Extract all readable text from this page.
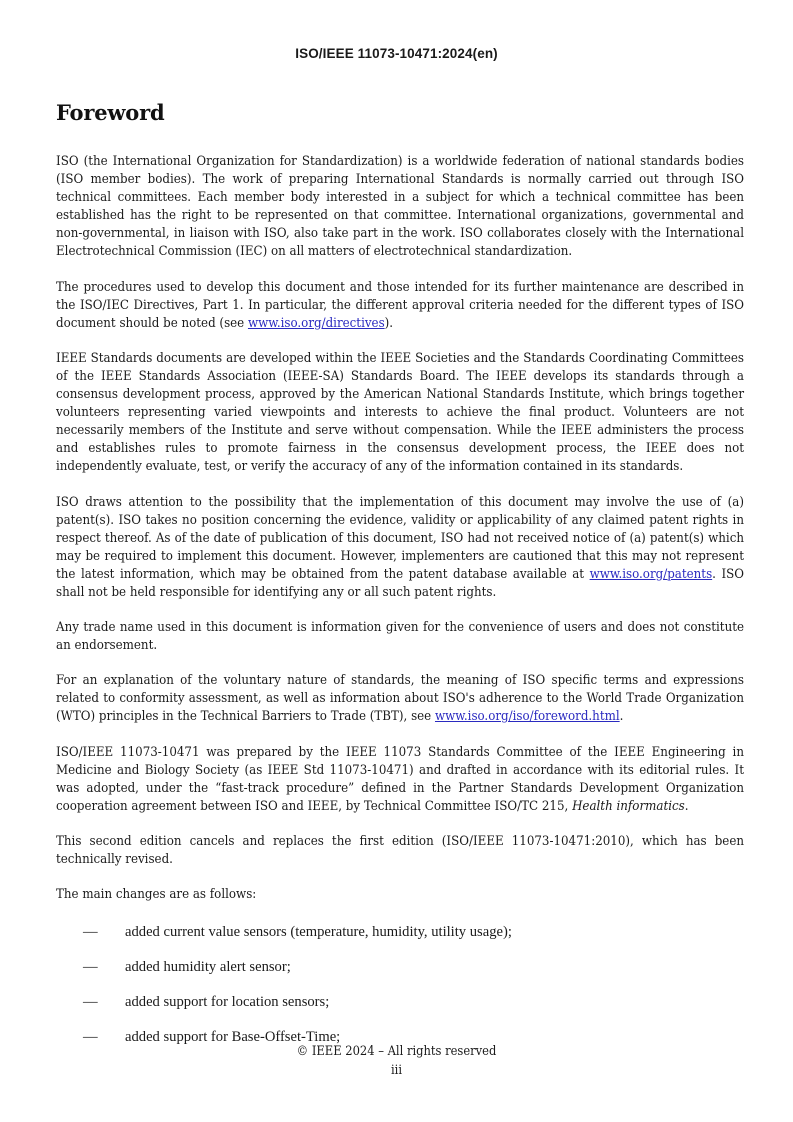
ISO/IEEE 11073-10471:2024(en)
Foreword

ISO (the International Organization for Standardization) is a worldwide federation of national standards bodies (ISO member bodies). The work of preparing International Standards is normally carried out through ISO technical committees. Each member body interested in a subject for which a technical committee has been established has the right to be represented on that committee. International organizations, governmental and non-governmental, in liaison with ISO, also take part in the work. ISO collaborates closely with the International Electrotechnical Commission (IEC) on all matters of electrotechnical standardization.

The procedures used to develop this document and those intended for its further maintenance are described in the ISO/IEC Directives, Part 1. In particular, the different approval criteria needed for the different types of ISO document should be noted (see www.iso.org/directives).

IEEE Standards documents are developed within the IEEE Societies and the Standards Coordinating Committees of the IEEE Standards Association (IEEE-SA) Standards Board. The IEEE develops its standards through a consensus development process, approved by the American National Standards Institute, which brings together volunteers representing varied viewpoints and interests to achieve the final product. Volunteers are not necessarily members of the Institute and serve without compensation. While the IEEE administers the process and establishes rules to promote fairness in the consensus development process, the IEEE does not independently evaluate, test, or verify the accuracy of any of the information contained in its standards.

ISO draws attention to the possibility that the implementation of this document may involve the use of (a) patent(s). ISO takes no position concerning the evidence, validity or applicability of any claimed patent rights in respect thereof. As of the date of publication of this document, ISO had not received notice of (a) patent(s) which may be required to implement this document. However, implementers are cautioned that this may not represent the latest information, which may be obtained from the patent database available at www.iso.org/patents. ISO shall not be held responsible for identifying any or all such patent rights.

Any trade name used in this document is information given for the convenience of users and does not constitute an endorsement.

For an explanation of the voluntary nature of standards, the meaning of ISO specific terms and expressions related to conformity assessment, as well as information about ISO's adherence to the World Trade Organization (WTO) principles in the Technical Barriers to Trade (TBT), see www.iso.org/iso/foreword.html.

ISO/IEEE 11073-10471 was prepared by the IEEE 11073 Standards Committee of the IEEE Engineering in Medicine and Biology Society (as IEEE Std 11073-10471) and drafted in accordance with its editorial rules. It was adopted, under the “fast-track procedure” defined in the Partner Standards Development Organization cooperation agreement between ISO and IEEE, by Technical Committee ISO/TC 215, Health informatics.

This second edition cancels and replaces the first edition (ISO/IEEE 11073-10471:2010), which has been technically revised.

The main changes are as follows:

—	added current value sensors (temperature, humidity, utility usage);
—	added humidity alert sensor;
—	added support for location sensors;
—	added support for Base-Offset-Time;
© IEEE 2024 – All rights reserved
iii
